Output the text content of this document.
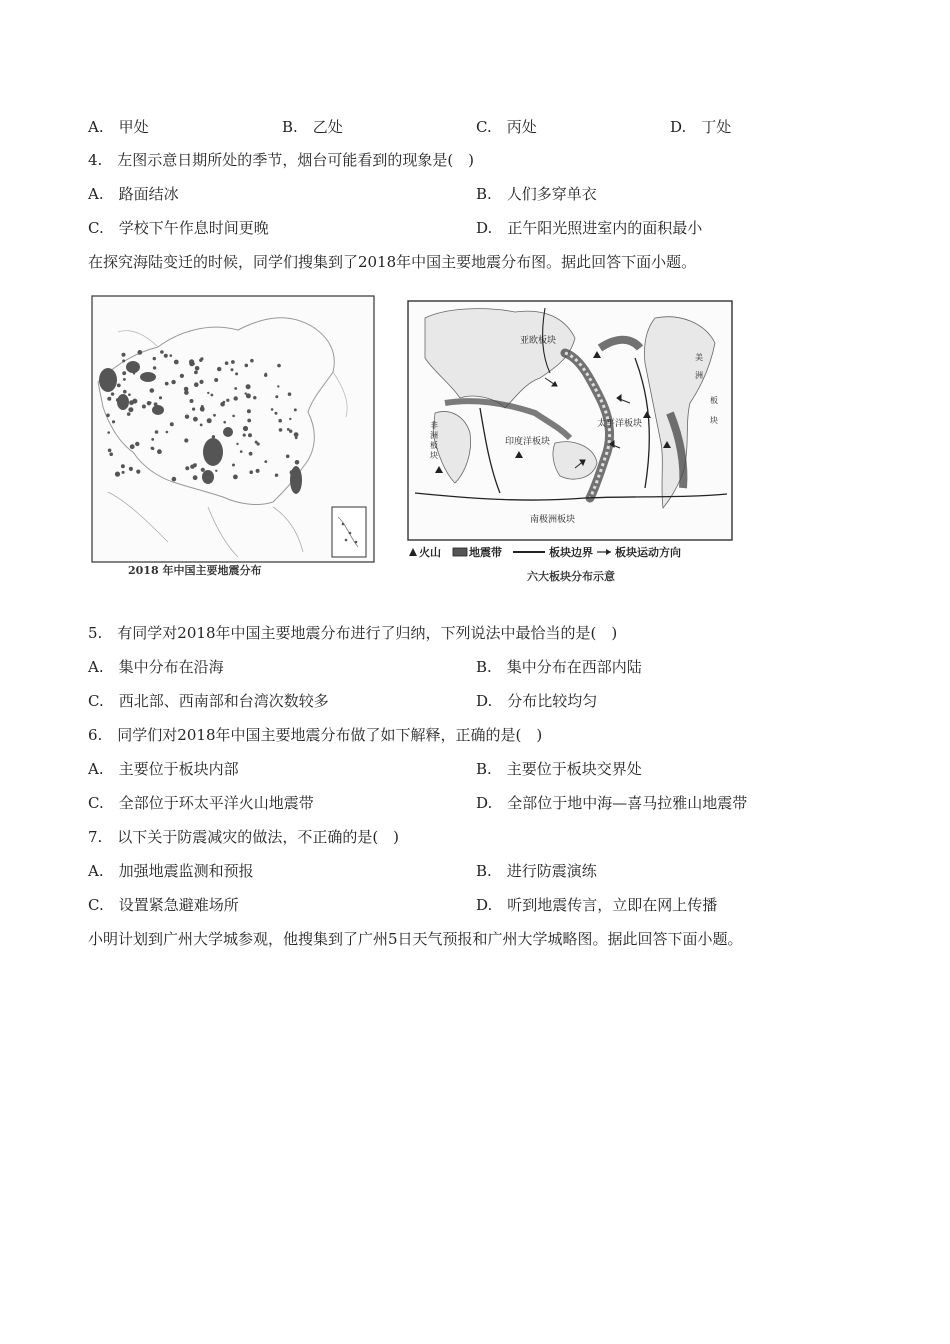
A.　甲处	B.　乙处	C.　丙处	D.　丁处
4.　左图示意日期所处的季节，烟台可能看到的现象是(　)
A.　路面结冰	B.　人们多穿单衣
C.　学校下午作息时间更晚	D.　正午阳光照进室内的面积最小
在探究海陆变迁的时候，同学们搜集到了2018年中国主要地震分布图。据此回答下面小题。
2018 年中国主要地震分布
亚欧板块
太平洋板块
印度洋板块
非
洲
板
块
美
洲
板
块
南极洲板块
火山	地震带	板块边界 板块运动方向
六大板块分布示意
5.　有同学对2018年中国主要地震分布进行了归纳，下列说法中最恰当的是(　)
A.　集中分布在沿海	B.　集中分布在西部内陆
C.　西北部、西南部和台湾次数较多	D.　分布比较均匀
6.　同学们对2018年中国主要地震分布做了如下解释，正确的是(　)
A.　主要位于板块内部	B.　主要位于板块交界处
C.　全部位于环太平洋火山地震带	D.　全部位于地中海—喜马拉雅山地震带
7.　以下关于防震减灾的做法，不正确的是(　)
A.　加强地震监测和预报	B.　进行防震演练
C.　设置紧急避难场所	D.　听到地震传言，立即在网上传播
小明计划到广州大学城参观，他搜集到了广州5日天气预报和广州大学城略图。据此回答下面小题。
